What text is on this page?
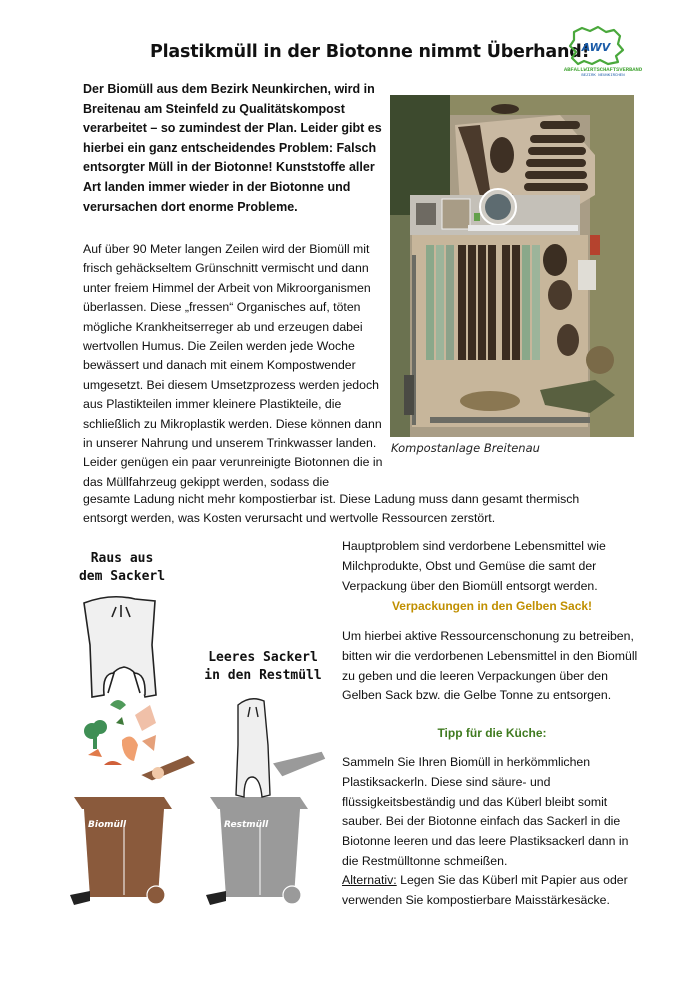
Plastikmüll in der Biotonne nimmt Überhand!
AWV
ABFALLWIRTSCHAFTSVERBAND
BEZIRK NEUNKIRCHEN
Der Biomüll aus dem Bezirk Neunkirchen, wird in Breitenau am Steinfeld zu Qualitätskompost verarbeitet – so zumindest der Plan. Leider gibt es hierbei ein ganz entscheidendes Problem: Falsch entsorgter Müll in der Biotonne! Kunststoffe aller Art landen immer wieder in der Biotonne und verursachen dort enorme Probleme.
Auf über 90 Meter langen Zeilen wird der Biomüll mit frisch gehäckseltem Grünschnitt vermischt und dann unter freiem Himmel der Arbeit von Mikroorganismen überlassen. Diese „fressen“ Organisches auf, töten mögliche Krankheitserreger ab und erzeugen dabei wertvollen Humus. Die Zeilen werden jede Woche bewässert und danach mit einem Kompostwender umgesetzt. Bei diesem Umsetzprozess werden jedoch aus Plastikteilen immer kleinere Plastikteile, die schließlich zu Mikroplastik werden. Diese können dann in unserer Nahrung und unserem Trinkwasser landen. Leider genügen ein paar verunreinigte Biotonnen die in das Müllfahrzeug gekippt werden, sodass die
gesamte Ladung nicht mehr kompostierbar ist. Diese Ladung muss dann gesamt thermisch entsorgt werden, was Kosten verursacht und wertvolle Ressourcen zerstört.
Kompostanlage Breitenau
Raus aus
dem Sackerl
Leeres Sackerl
in den Restmüll
Biomüll	Restmüll
Hauptproblem sind verdorbene Lebensmittel wie Milchprodukte, Obst und Gemüse die samt der Verpackung über den Biomüll entsorgt werden.
Verpackungen in den Gelben Sack!
Um hierbei aktive Ressourcenschonung zu betreiben, bitten wir die verdorbenen Lebensmittel in den Biomüll zu geben und die leeren Verpackungen über den Gelben Sack bzw. die Gelbe Tonne zu entsorgen.
Tipp für die Küche:
Sammeln Sie Ihren Biomüll in herkömmlichen Plastiksackerln. Diese sind säure- und flüssigkeitsbeständig und das Küberl bleibt somit sauber. Bei der Biotonne einfach das Sackerl in die Biotonne leeren und das leere Plastiksackerl dann in die Restmülltonne schmeißen.
Alternativ: Legen Sie das Küberl mit Papier aus oder verwenden Sie kompostierbare Maisstärkesäcke.
